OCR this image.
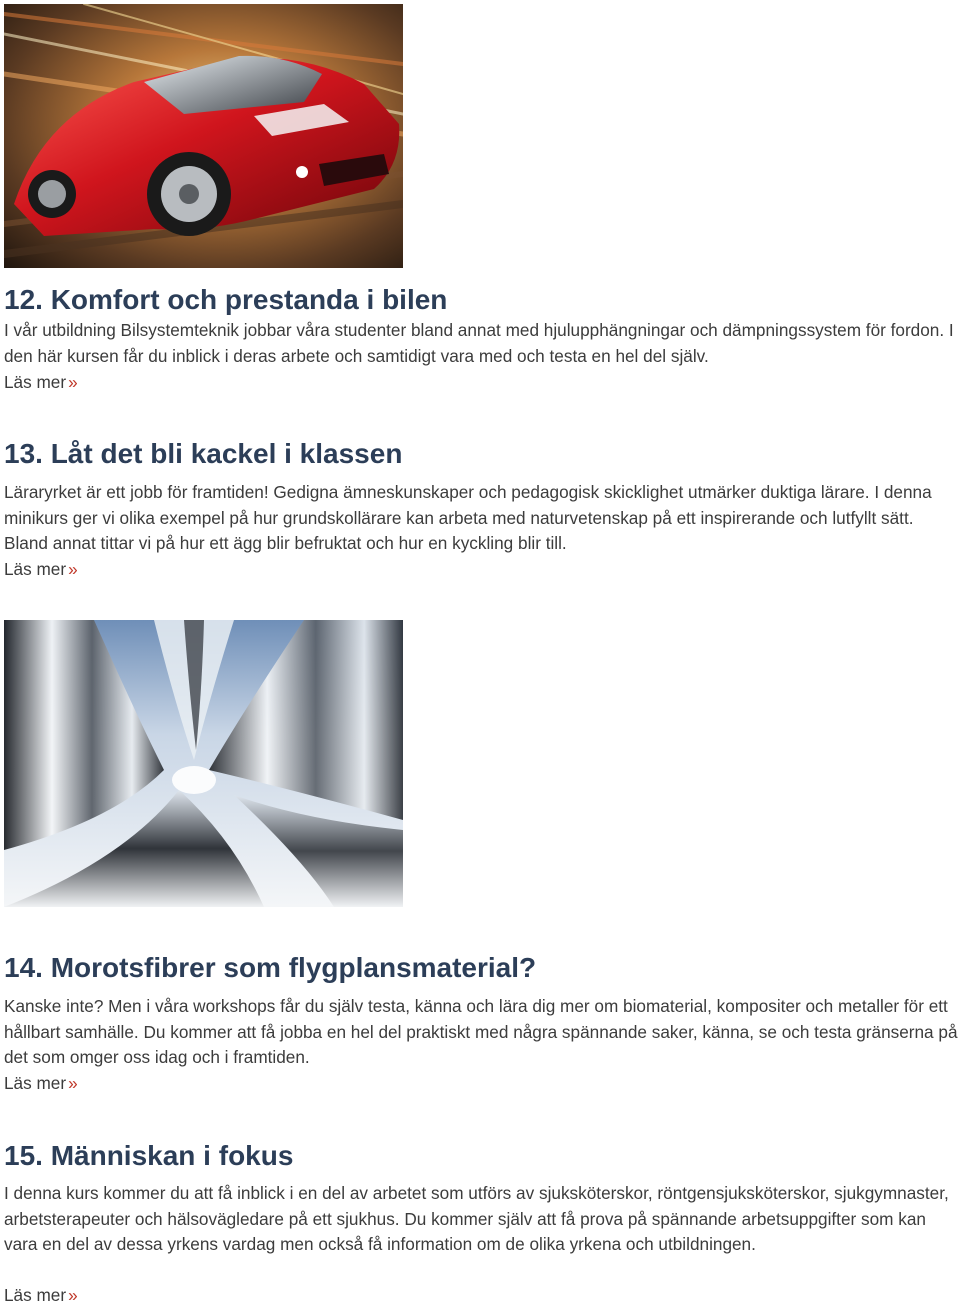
12. Komfort och prestanda i bilen

I vår utbildning Bilsystemteknik jobbar våra studenter bland annat med hjulupphängningar och dämpningssystem för fordon. I den här kursen får du inblick i deras arbete och samtidigt vara med och testa en hel del själv.

Läs mer »
13. Låt det bli kackel i klassen

Läraryrket är ett jobb för framtiden! Gedigna ämneskunskaper och pedagogisk skicklighet utmärker duktiga lärare. I denna minikurs ger vi olika exempel på hur grundskollärare kan arbeta med naturvetenskap på ett inspirerande och lutfyllt sätt. Bland annat tittar vi på hur ett ägg blir befruktat och hur en kyckling blir till.

Läs mer »
14. Morotsfibrer som flygplansmaterial?

Kanske inte? Men i våra workshops får du själv testa, känna och lära dig mer om biomaterial, kompositer och metaller för ett hållbart samhälle. Du kommer att få jobba en hel del praktiskt med några spännande saker, känna, se och testa gränserna på det som omger oss idag och i framtiden.

Läs mer »
15. Människan i fokus

I denna kurs kommer du att få inblick i en del av arbetet som utförs av sjuksköterskor, röntgensjuksköterskor, sjukgymnaster, arbetsterapeuter och hälsovägledare på ett sjukhus. Du kommer själv att få prova på spännande arbetsuppgifter som kan vara en del av dessa yrkens vardag men också få information om de olika yrkena och utbildningen.

Läs mer »
